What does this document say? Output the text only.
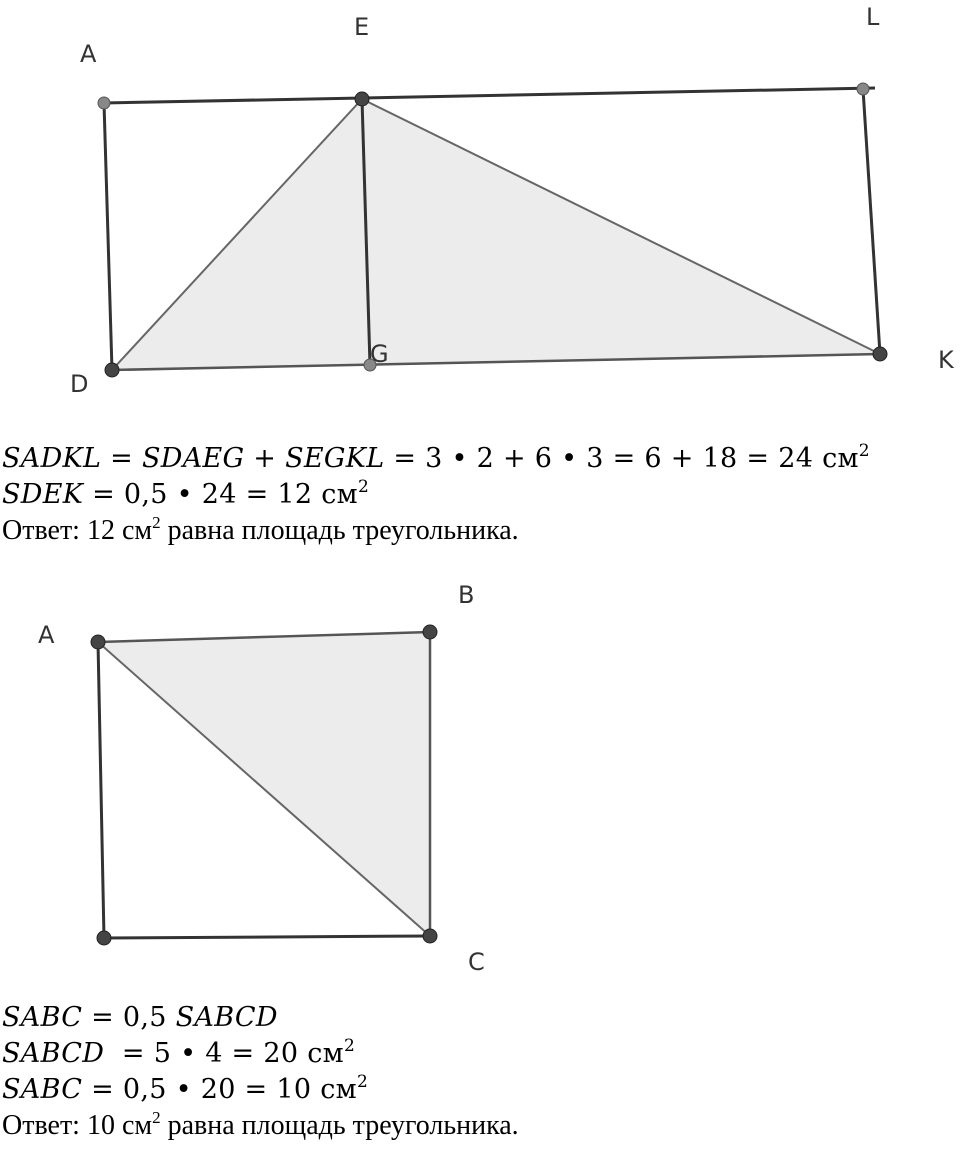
A
E	L
D
G	K
SADKL = SDAEG + SEGKL = 3 • 2 + 6 • 3 = 6 + 18 = 24 $см^2$
SDEK = 0,5 • 24 = 12 $см^2$
Ответ: 12 $см^2$ равна площадь треугольника.
A
B
C
SABC = 0,5 SABCD
SABCD  = 5 • 4 = 20 $см^2$
SABC = 0,5 • 20 = 10 $см^2$
Ответ: 10 $см^2$ равна площадь треугольника.
